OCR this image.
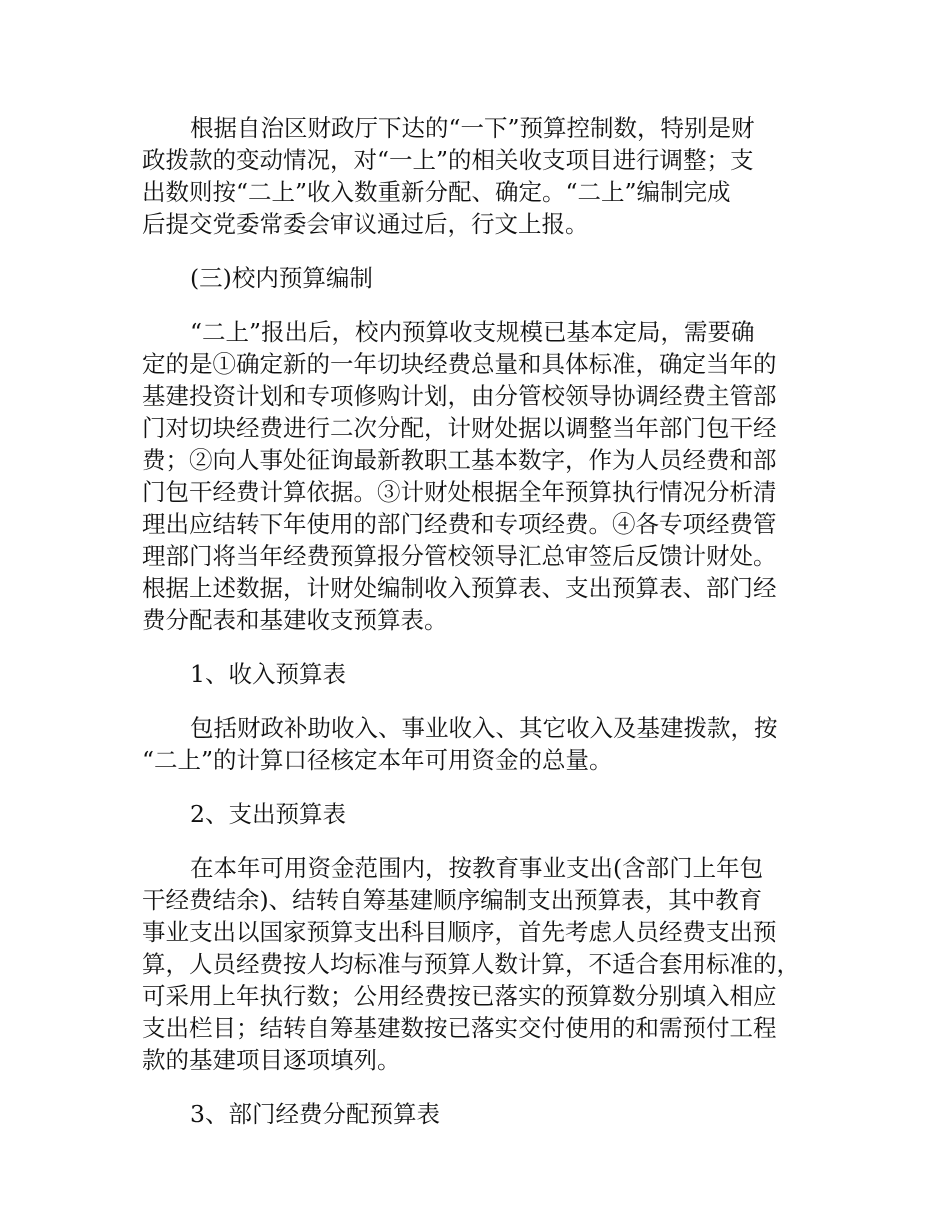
根据自治区财政厅下达的“一下”预算控制数，特别是财
政拨款的变动情况，对“一上”的相关收支项目进行调整；支
出数则按“二上”收入数重新分配、确定。“二上”编制完成
后提交党委常委会审议通过后，行文上报。
(三)校内预算编制
“二上”报出后，校内预算收支规模已基本定局，需要确
定的是①确定新的一年切块经费总量和具体标准，确定当年的
基建投资计划和专项修购计划，由分管校领导协调经费主管部
门对切块经费进行二次分配，计财处据以调整当年部门包干经
费；②向人事处征询最新教职工基本数字，作为人员经费和部
门包干经费计算依据。③计财处根据全年预算执行情况分析清
理出应结转下年使用的部门经费和专项经费。④各专项经费管
理部门将当年经费预算报分管校领导汇总审签后反馈计财处。
根据上述数据，计财处编制收入预算表、支出预算表、部门经
费分配表和基建收支预算表。
1、收入预算表
包括财政补助收入、事业收入、其它收入及基建拨款，按
“二上”的计算口径核定本年可用资金的总量。
2、支出预算表
在本年可用资金范围内，按教育事业支出(含部门上年包
干经费结余)、结转自筹基建顺序编制支出预算表，其中教育
事业支出以国家预算支出科目顺序，首先考虑人员经费支出预
算，人员经费按人均标准与预算人数计算，不适合套用标准的，
可采用上年执行数；公用经费按已落实的预算数分别填入相应
支出栏目；结转自筹基建数按已落实交付使用的和需预付工程
款的基建项目逐项填列。
3、部门经费分配预算表
